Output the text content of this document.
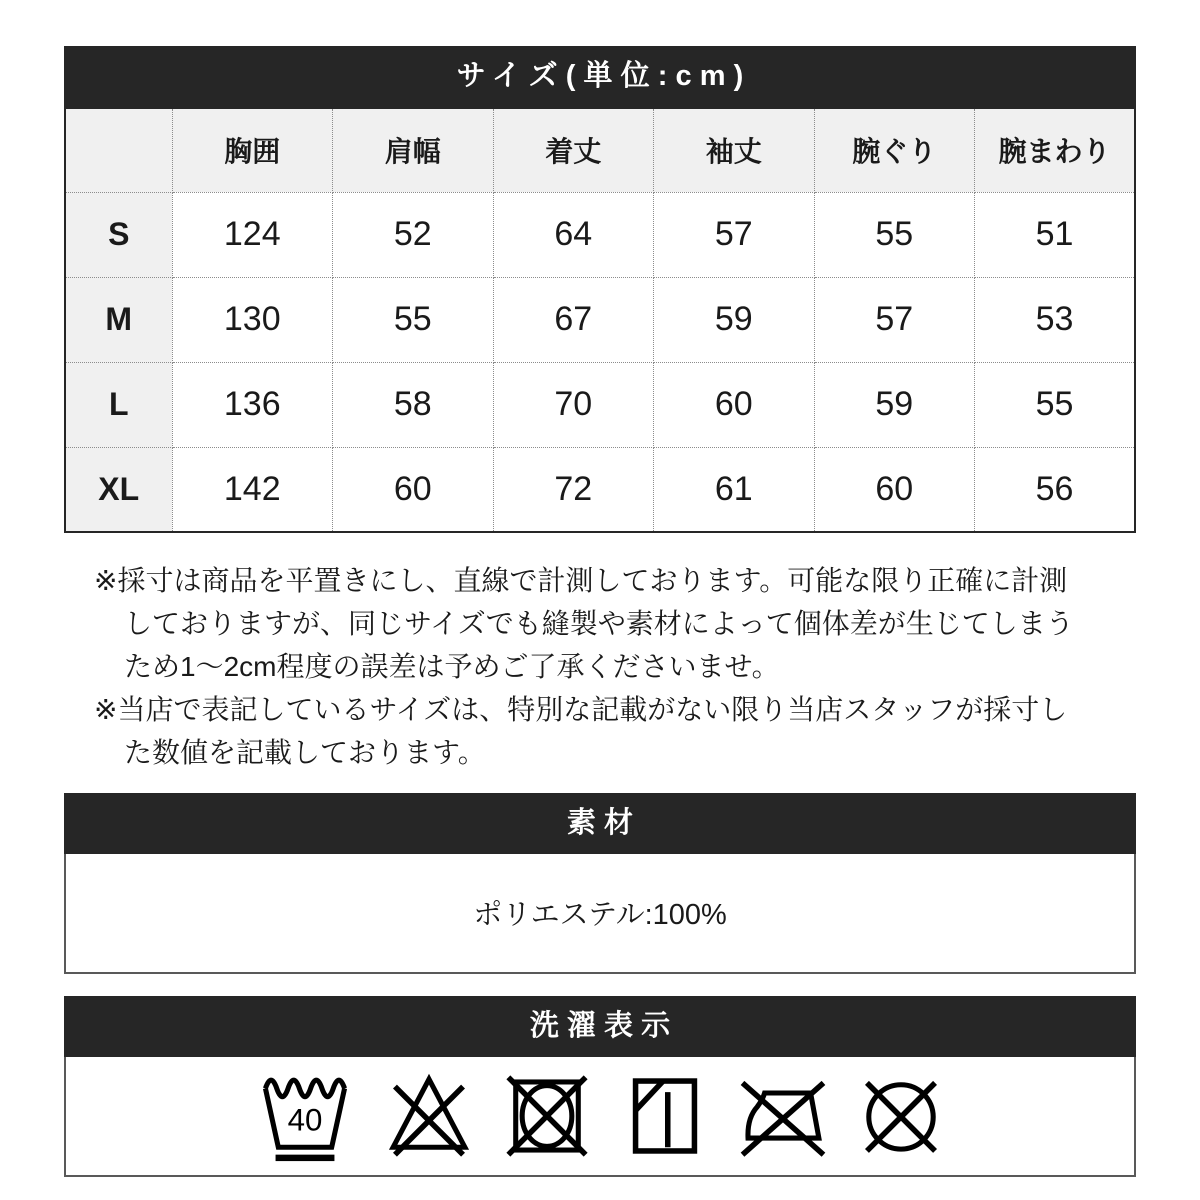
サイズ(単位:cm)
	胸囲	肩幅	着丈	袖丈	腕ぐり	腕まわり
S	124	52	64	57	55	51
M	130	55	67	59	57	53
L	136	58	70	60	59	55
XL	142	60	72	61	60	56
※採寸は商品を平置きにし、直線で計測しております。可能な限り正確に計測しておりますが、同じサイズでも縫製や素材によって個体差が生じてしまうため1〜2cm程度の誤差は予めご了承くださいませ。
※当店で表記しているサイズは、特別な記載がない限り当店スタッフが採寸した数値を記載しております。
素材
ポリエステル:100%
洗濯表示
40
